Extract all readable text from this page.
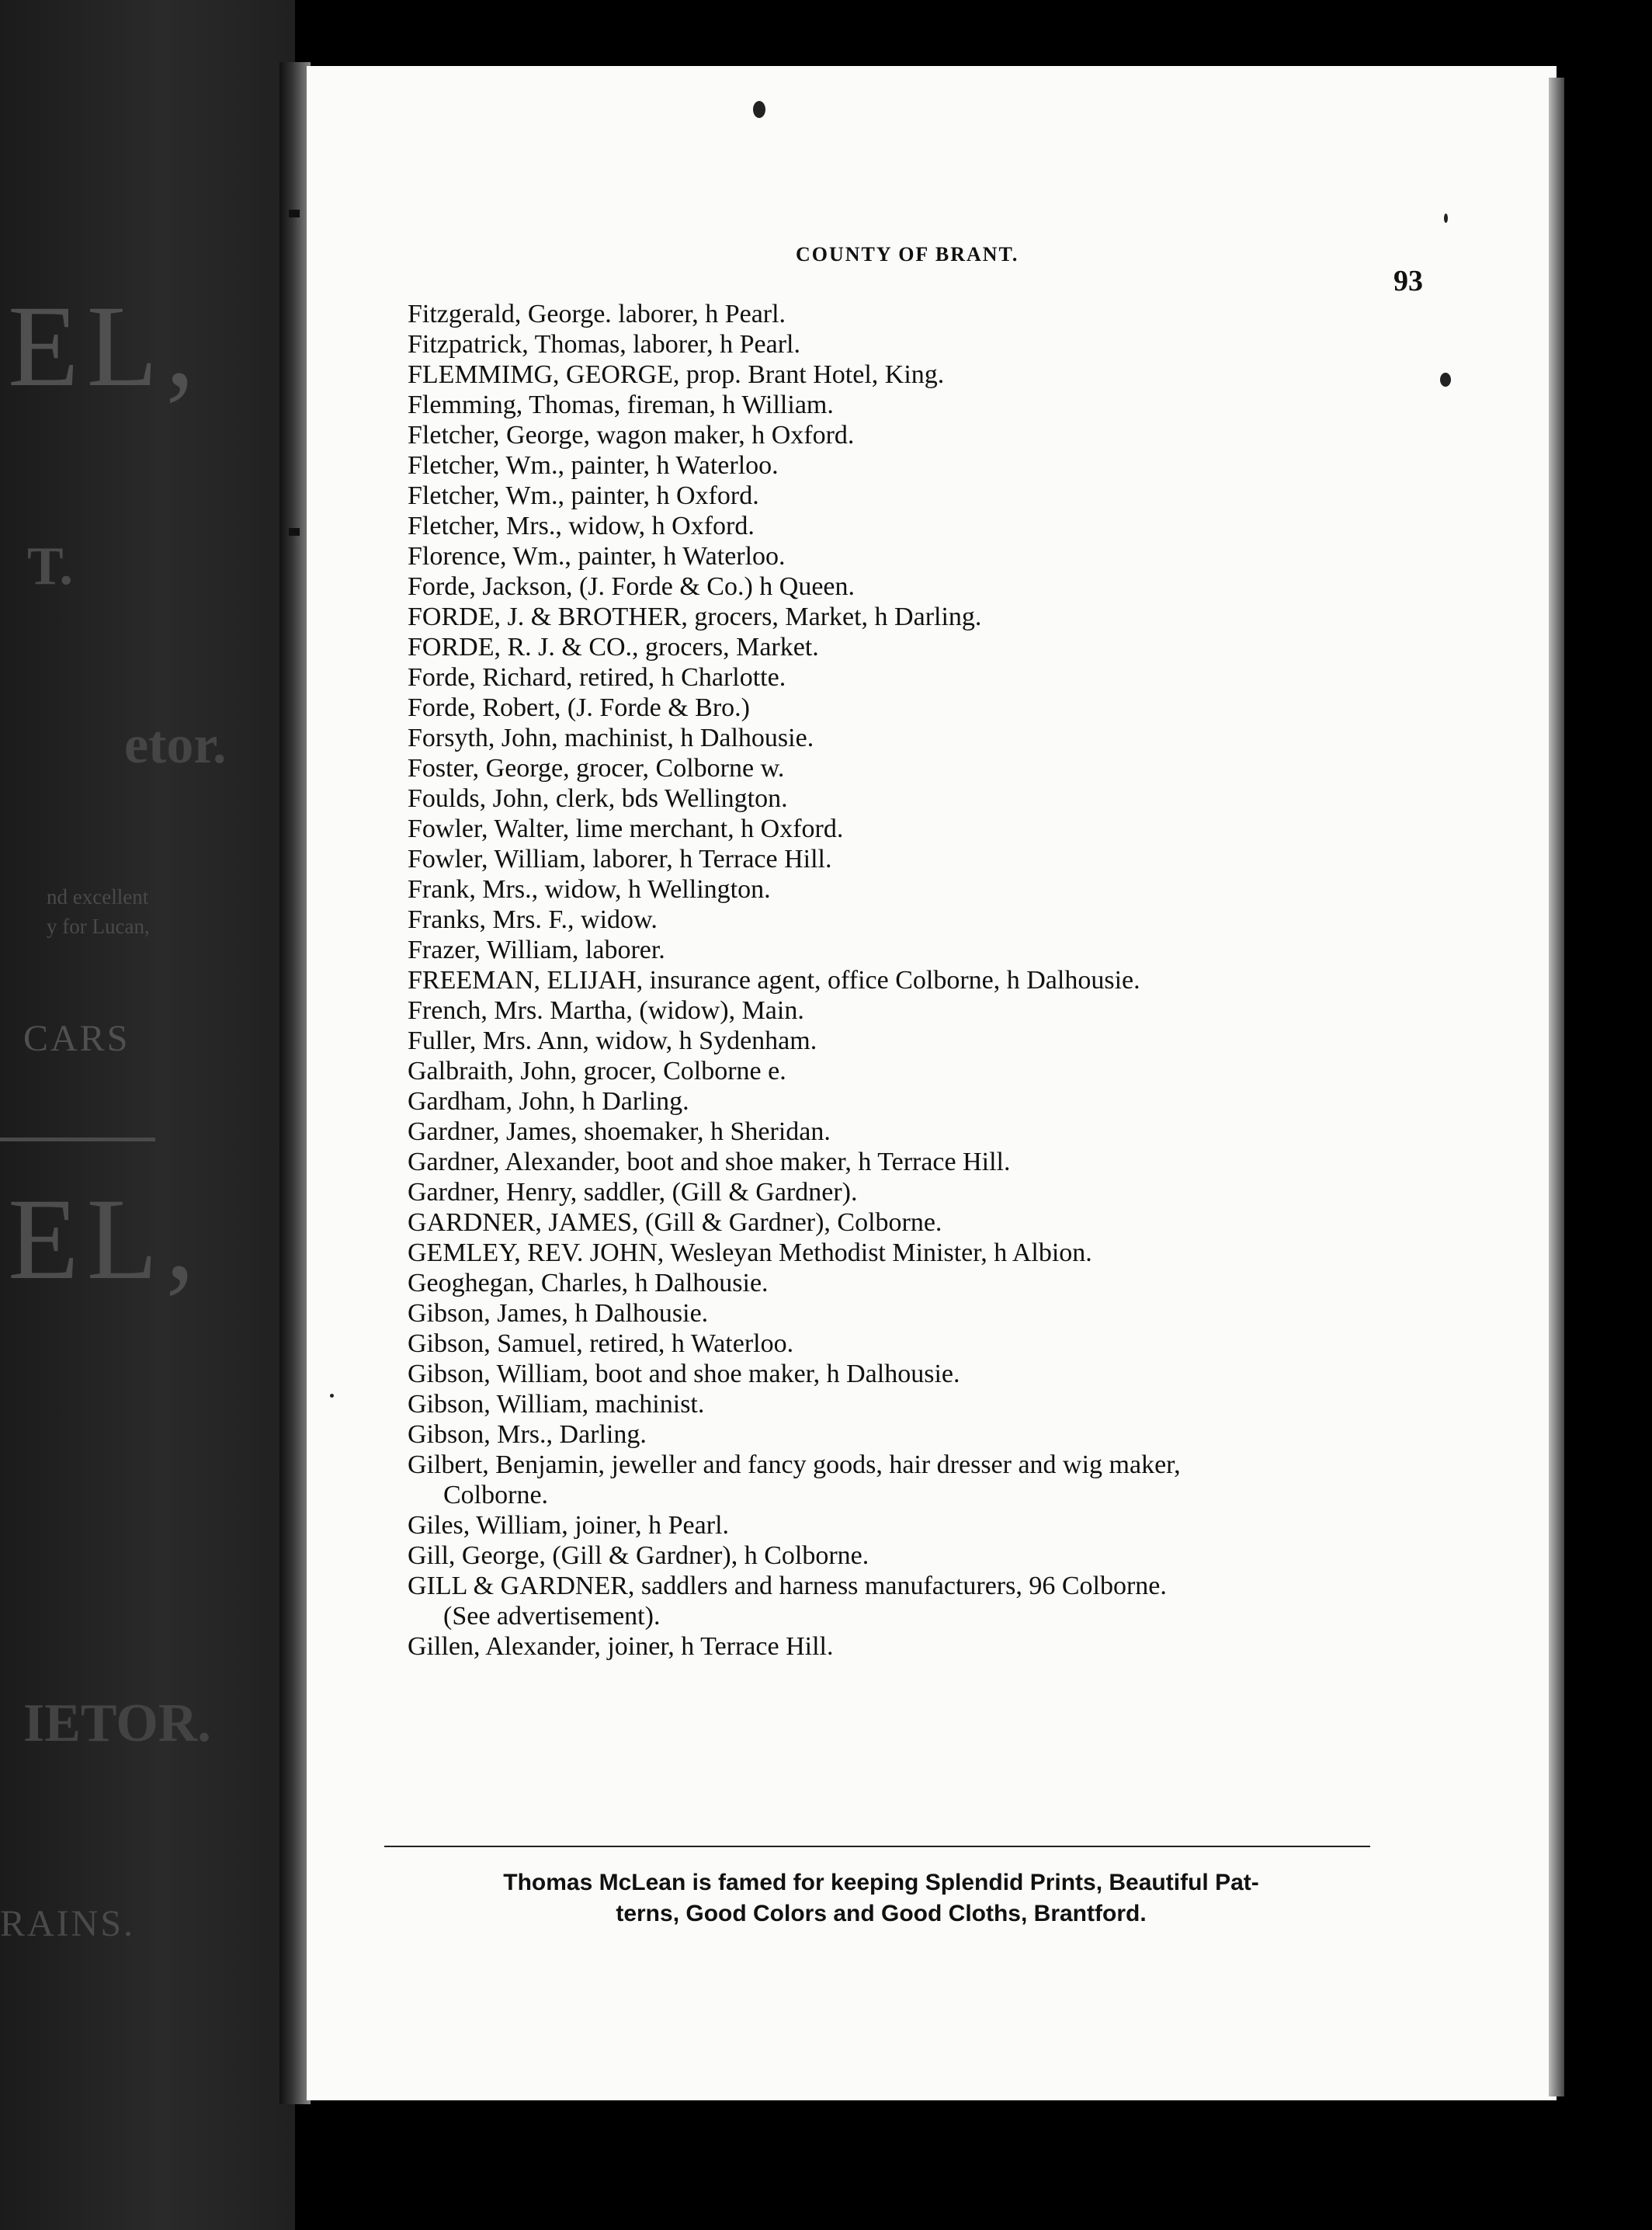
EL,
T.
etor.
nd excellent
y for Lucan,
CARS
EL,
IETOR.
RAINS.
COUNTY OF BRANT.
93
Fitzgerald, George. laborer, h Pearl.
Fitzpatrick, Thomas, laborer, h Pearl.
FLEMMIMG, GEORGE, prop. Brant Hotel, King.
Flemming, Thomas, fireman, h William.
Fletcher, George, wagon maker, h Oxford.
Fletcher, Wm., painter, h Waterloo.
Fletcher, Wm., painter, h Oxford.
Fletcher, Mrs., widow, h Oxford.
Florence, Wm., painter, h Waterloo.
Forde, Jackson, (J. Forde & Co.) h Queen.
FORDE, J. & BROTHER, grocers, Market, h Darling.
FORDE, R. J. & CO., grocers, Market.
Forde, Richard, retired, h Charlotte.
Forde, Robert, (J. Forde & Bro.)
Forsyth, John, machinist, h Dalhousie.
Foster, George, grocer, Colborne w.
Foulds, John, clerk, bds Wellington.
Fowler, Walter, lime merchant, h Oxford.
Fowler, William, laborer, h Terrace Hill.
Frank, Mrs., widow, h Wellington.
Franks, Mrs. F., widow.
Frazer, William, laborer.
FREEMAN, ELIJAH, insurance agent, office Colborne, h Dalhousie.
French, Mrs. Martha, (widow), Main.
Fuller, Mrs. Ann, widow, h Sydenham.
Galbraith, John, grocer, Colborne e.
Gardham, John, h Darling.
Gardner, James, shoemaker, h Sheridan.
Gardner, Alexander, boot and shoe maker, h Terrace Hill.
Gardner, Henry, saddler, (Gill & Gardner).
GARDNER, JAMES, (Gill & Gardner), Colborne.
GEMLEY, REV. JOHN, Wesleyan Methodist Minister, h Albion.
Geoghegan, Charles, h Dalhousie.
Gibson, James, h Dalhousie.
Gibson, Samuel, retired, h Waterloo.
Gibson, William, boot and shoe maker, h Dalhousie.
Gibson, William, machinist.
Gibson, Mrs., Darling.
Gilbert, Benjamin, jeweller and fancy goods, hair dresser and wig maker,
Colborne.
Giles, William, joiner, h Pearl.
Gill, George, (Gill & Gardner), h Colborne.
GILL & GARDNER, saddlers and harness manufacturers, 96 Colborne.
(See advertisement).
Gillen, Alexander, joiner, h Terrace Hill.
Thomas McLean is famed for keeping Splendid Prints, Beautiful Pat-
terns, Good Colors and Good Cloths, Brantford.
